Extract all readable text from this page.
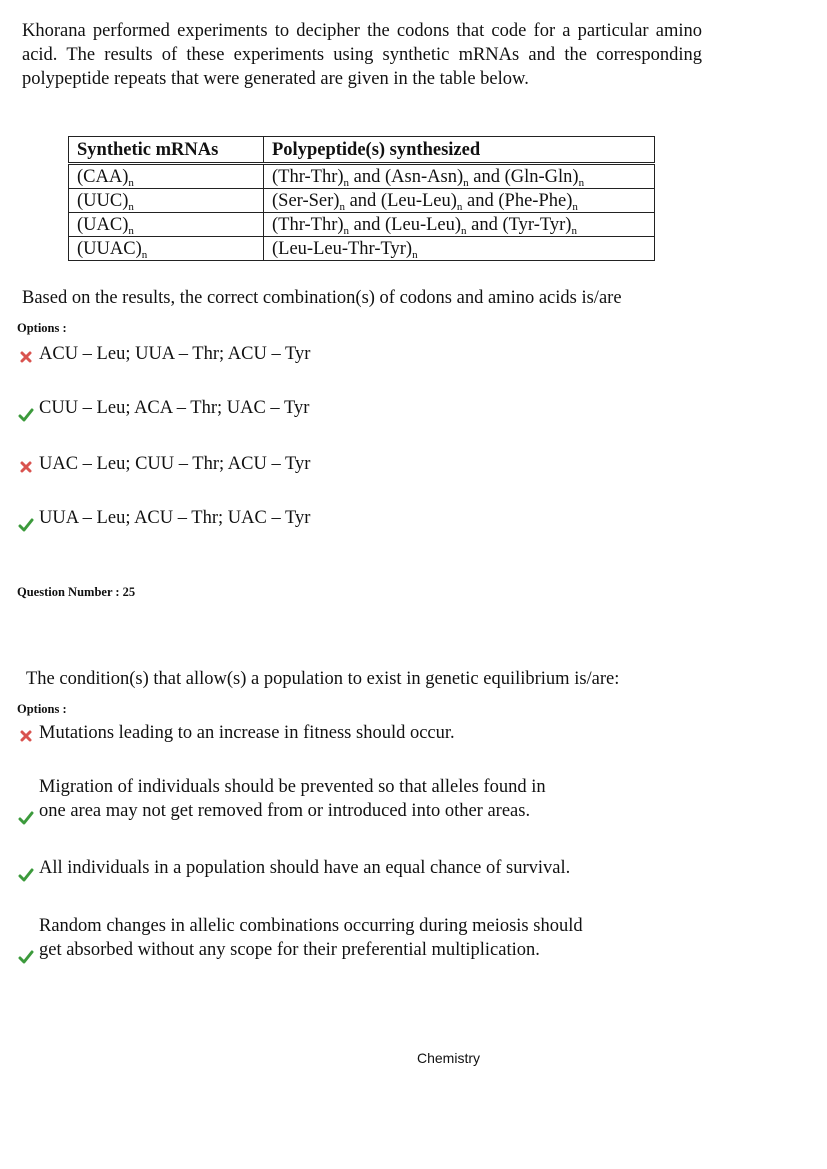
Khorana performed experiments to decipher the codons that code for a particular amino acid. The results of these experiments using synthetic mRNAs and the corresponding polypeptide repeats that were generated are given in the table below.
Synthetic mRNAs	Polypeptide(s) synthesized
$(CAA)_n$	$(Thr-Thr)_n$ and $(Asn-Asn)_n$ and $(Gln-Gln)_n$
$(UUC)_n$	$(Ser-Ser)_n$ and $(Leu-Leu)_n$ and $(Phe-Phe)_n$
$(UAC)_n$	$(Thr-Thr)_n$ and $(Leu-Leu)_n$ and $(Tyr-Tyr)_n$
$(UUAC)_n$	$(Leu-Leu-Thr-Tyr)_n$
Based on the results, the correct combination(s) of codons and amino acids is/are
Options :
ACU – Leu; UUA – Thr; ACU – Tyr
CUU – Leu; ACA – Thr; UAC – Tyr
UAC – Leu; CUU – Thr; ACU – Tyr
UUA – Leu; ACU – Thr; UAC – Tyr
Question Number : 25
The condition(s) that allow(s) a population to exist in genetic equilibrium is/are:
Options :
Mutations leading to an increase in fitness should occur.
Migration of individuals should be prevented so that alleles found in
one area may not get removed from or introduced into other areas.
All individuals in a population should have an equal chance of survival.
Random changes in allelic combinations occurring during meiosis should
get absorbed without any scope for their preferential multiplication.
Chemistry
